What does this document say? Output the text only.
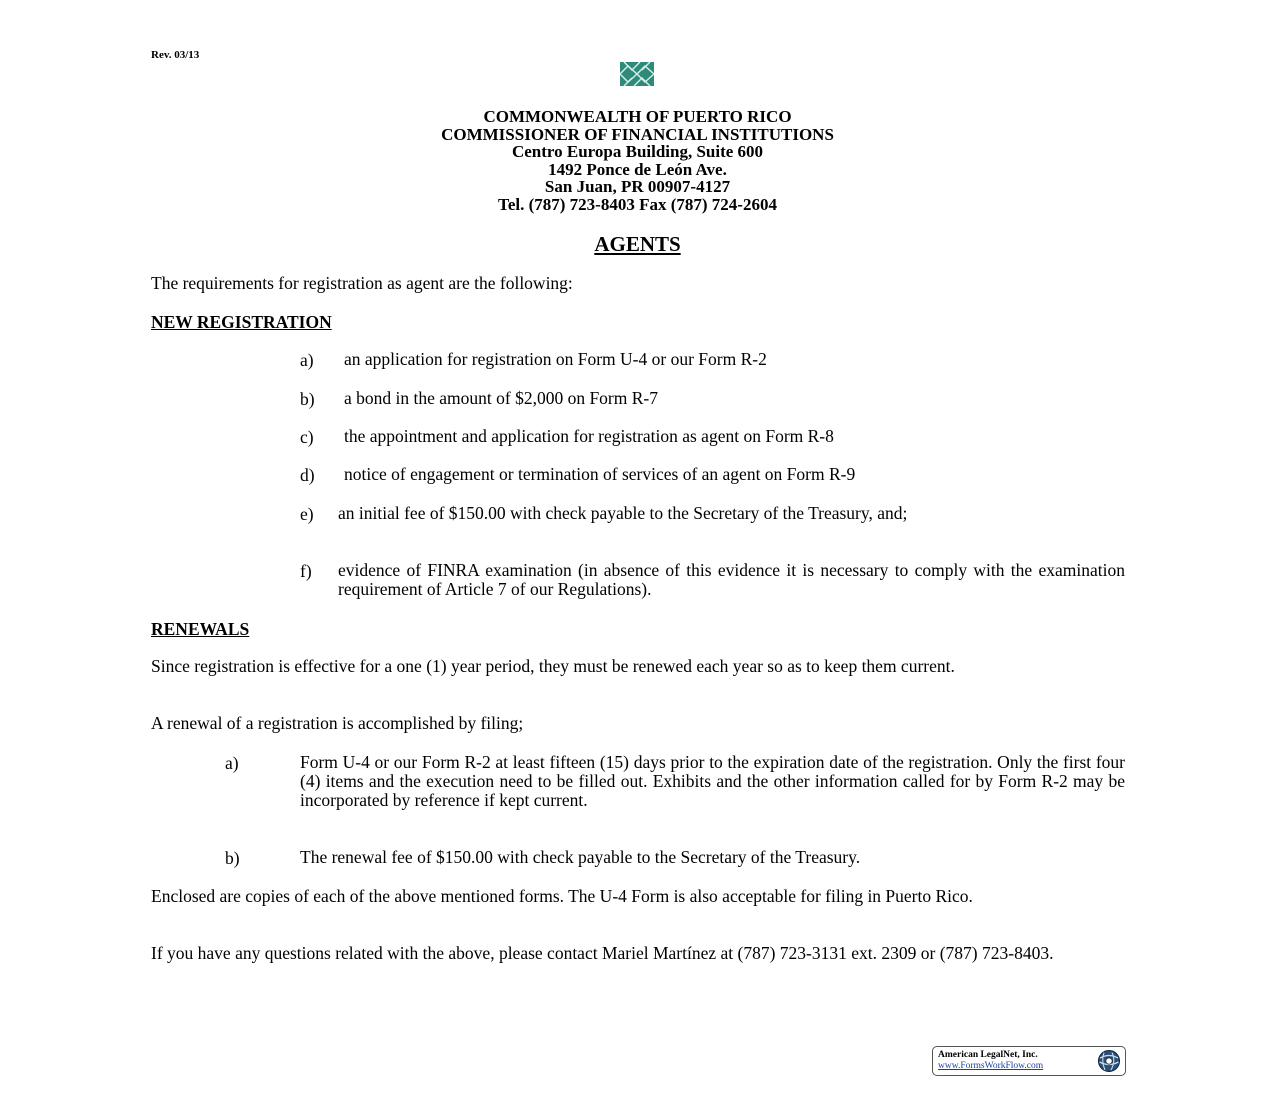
Rev. 03/13
COMMONWEALTH OF PUERTO RICO
COMMISSIONER OF FINANCIAL INSTITUTIONS
Centro Europa Building, Suite 600
1492 Ponce de León Ave.
San Juan, PR 00907-4127
Tel. (787) 723-8403 Fax (787) 724-2604
AGENTS
The requirements for registration as agent are the following:
NEW REGISTRATION
a) an application for registration on Form U-4 or our Form R-2
b) a bond in the amount of $2,000 on Form R-7
c) the appointment and application for registration as agent on Form R-8
d) notice of engagement or termination of services of an agent on Form R-9
e) an initial fee of $150.00 with check payable to the Secretary of the Treasury, and;
f) evidence of FINRA examination (in absence of this evidence it is necessary to comply with the examination requirement of Article 7 of our Regulations).
RENEWALS
Since registration is effective for a one (1) year period, they must be renewed each year so as to keep them current.
A renewal of a registration is accomplished by filing;
a)	Form U-4 or our Form R-2 at least fifteen (15) days prior to the expiration date of the registration. Only the first four (4) items and the execution need to be filled out. Exhibits and the other information called for by Form R-2 may be incorporated by reference if kept current.
b)	The renewal fee of $150.00 with check payable to the Secretary of the Treasury.
Enclosed are copies of each of the above mentioned forms. The U-4 Form is also acceptable for filing in Puerto Rico.
If you have any questions related with the above, please contact Mariel Martínez at (787) 723-3131 ext. 2309 or (787) 723-8403.
American LegalNet, Inc.
www.FormsWorkFlow.com
